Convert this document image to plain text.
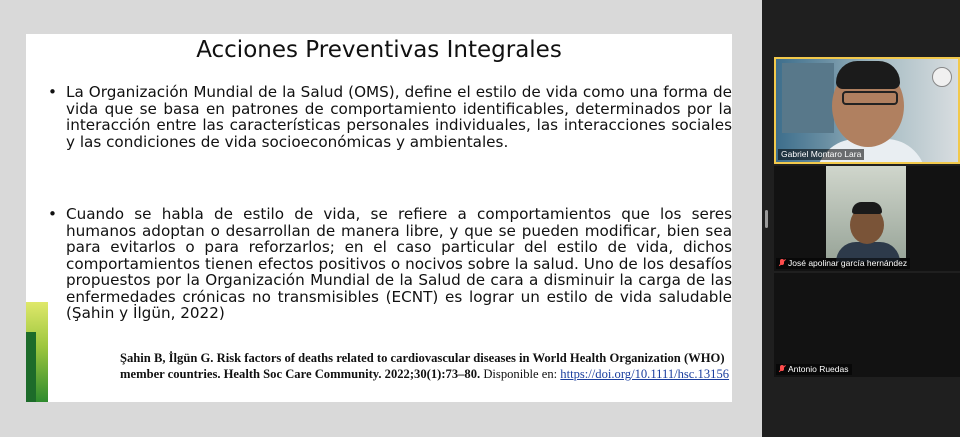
Acciones Preventivas Integrales
• La Organización Mundial de la Salud (OMS), define el estilo de vida como una forma de vida que se basa en patrones de comportamiento identificables, determinados por la interacción entre las características personales individuales, las interacciones sociales y las condiciones de vida socioeconómicas y ambientales.
• Cuando se habla de estilo de vida, se refiere a comportamientos que los seres humanos adoptan o desarrollan de manera libre, y que se pueden modificar, bien sea para evitarlos o para reforzarlos; en el caso particular del estilo de vida, dichos comportamientos tienen efectos positivos o nocivos sobre la salud. Uno de los desafíos propuestos por la Organización Mundial de la Salud de cara a disminuir la carga de las enfermedades crónicas no transmisibles (ECNT) es lograr un estilo de vida saludable (Şahin y İlgün, 2022)
Şahin B, İlgün G. Risk factors of deaths related to cardiovascular diseases in World Health Organization (WHO) member countries. Health Soc Care Community. 2022;30(1):73–80. Disponible en: https://doi.org/10.1111/hsc.13156
Gabriel Montaro Lara
José apolinar garcía hernández
Antonio Ruedas
